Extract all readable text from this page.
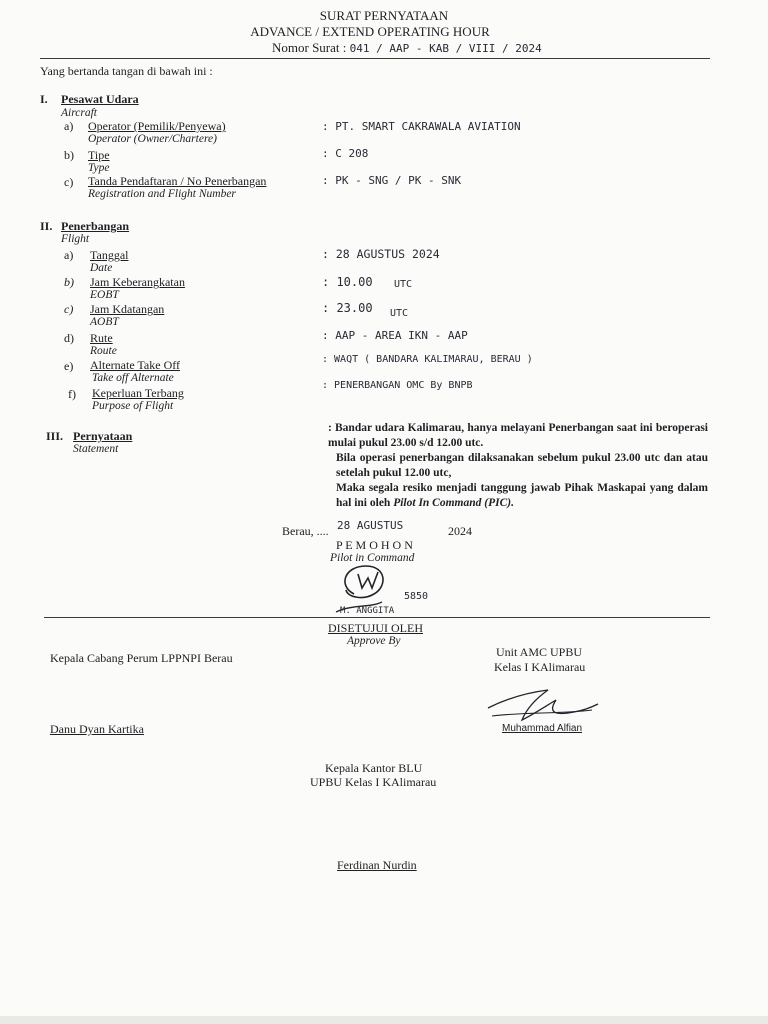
SURAT PERNYATAAN
ADVANCE / EXTEND OPERATING HOUR
Nomor Surat : 041 / AAP - KAB / VIII / 2024
Yang bertanda tangan di bawah ini :
I. Pesawat Udara
Aircraft
a) Operator (Pemilik/Penyewa)
Operator (Owner/Chartere)
: PT. SMART CAKRAWALA AVIATION
b) Tipe
Type
: C 208
c) Tanda Pendaftaran / No Penerbangan
Registration and Flight Number
: PK - SNG / PK - SNK
II. Penerbangan
Flight
a) Tanggal
Date
: 28 AGUSTUS 2024
b) Jam Keberangkatan
EOBT
: 10.00 UTC
c) Jam Kdatangan
AOBT
: 23.00 UTC
d) Rute
Route
: AAP - AREA IKN - AAP
e) Alternate Take Off
Take off Alternate
: WAQT ( BANDARA KALIMARAU, BERAU )
f) Keperluan Terbang
Purpose of Flight
: PENERBANGAN OMC By BNPB
III. Pernyataan
Statement

: Bandar udara Kalimarau, hanya melayani Penerbangan saat ini beroperasi mulai pukul 23.00 s/d 12.00 utc.

Bila operasi penerbangan dilaksanakan sebelum pukul 23.00 utc dan atau setelah pukul 12.00 utc,

Maka segala resiko menjadi tanggung jawab Pihak Maskapai yang dalam hal ini oleh Pilot In Command (PIC).

Berau, .... 28 AGUSTUS	2024
P E M O H O N
Pilot in Command
5850
M. ANGGITA
DISETUJUI OLEH
Approve By
Kepala Cabang Perum LPPNPI Berau
Danu Dyan Kartika
Unit AMC UPBU
Kelas I KAlimarau
Muhammad Alfian
Kepala Kantor BLU
UPBU Kelas I KAlimarau
Ferdinan Nurdin
